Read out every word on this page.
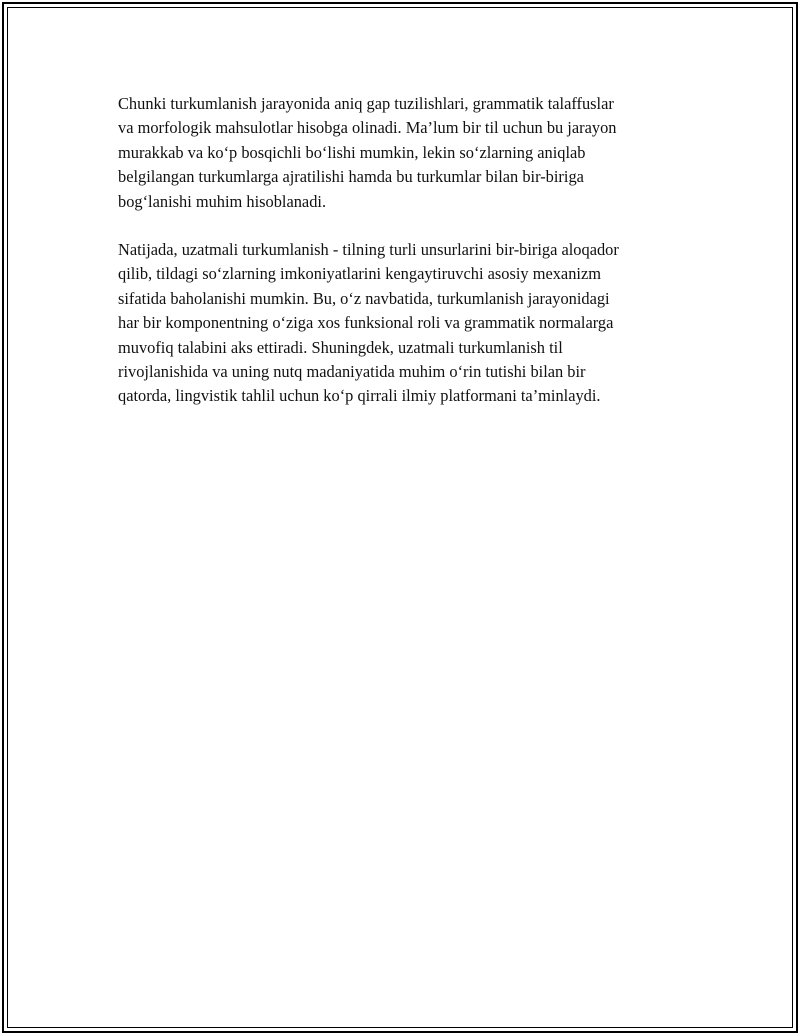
Chunki turkumlanish jarayonida aniq gap tuzilishlari, grammatik talaffuslar
va morfologik mahsulotlar hisobga olinadi. Ma’lum bir til uchun bu jarayon
murakkab va ko‘p bosqichli bo‘lishi mumkin, lekin so‘zlarning aniqlab
belgilangan turkumlarga ajratilishi hamda bu turkumlar bilan bir-biriga
bog‘lanishi muhim hisoblanadi.

Natijada, uzatmali turkumlanish - tilning turli unsurlarini bir-biriga aloqador
qilib, tildagi so‘zlarning imkoniyatlarini kengaytiruvchi asosiy mexanizm
sifatida baholanishi mumkin. Bu, o‘z navbatida, turkumlanish jarayonidagi
har bir komponentning o‘ziga xos funksional roli va grammatik normalarga
muvofiq talabini aks ettiradi. Shuningdek, uzatmali turkumlanish til
rivojlanishida va uning nutq madaniyatida muhim o‘rin tutishi bilan bir
qatorda, lingvistik tahlil uchun ko‘p qirrali ilmiy platformani ta’minlaydi.
